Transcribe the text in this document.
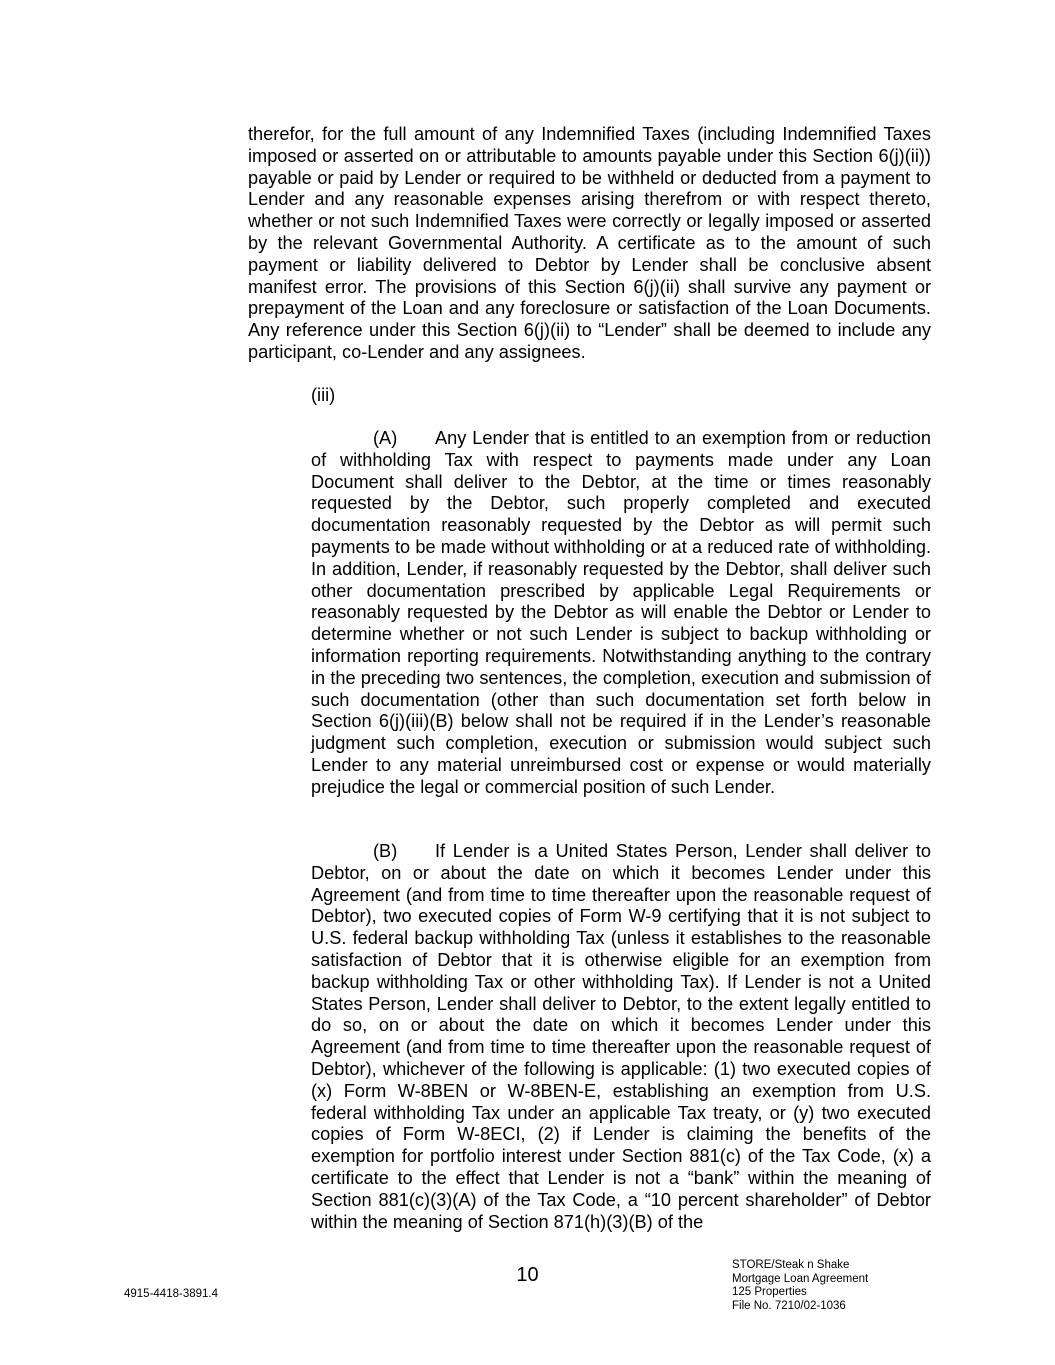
therefor, for the full amount of any Indemnified Taxes (including Indemnified Taxes imposed or asserted on or attributable to amounts payable under this Section 6(j)(ii)) payable or paid by Lender or required to be withheld or deducted from a payment to Lender and any reasonable expenses arising therefrom or with respect thereto, whether or not such Indemnified Taxes were correctly or legally imposed or asserted by the relevant Governmental Authority. A certificate as to the amount of such payment or liability delivered to Debtor by Lender shall be conclusive absent manifest error. The provisions of this Section 6(j)(ii) shall survive any payment or prepayment of the Loan and any foreclosure or satisfaction of the Loan Documents. Any reference under this Section 6(j)(ii) to “Lender” shall be deemed to include any participant, co-Lender and any assignees.

(iii)

(A) Any Lender that is entitled to an exemption from or reduction of withholding Tax with respect to payments made under any Loan Document shall deliver to the Debtor, at the time or times reasonably requested by the Debtor, such properly completed and executed documentation reasonably requested by the Debtor as will permit such payments to be made without withholding or at a reduced rate of withholding. In addition, Lender, if reasonably requested by the Debtor, shall deliver such other documentation prescribed by applicable Legal Requirements or reasonably requested by the Debtor as will enable the Debtor or Lender to determine whether or not such Lender is subject to backup withholding or information reporting requirements. Notwithstanding anything to the contrary in the preceding two sentences, the completion, execution and submission of such documentation (other than such documentation set forth below in Section 6(j)(iii)(B) below shall not be required if in the Lender’s reasonable judgment such completion, execution or submission would subject such Lender to any material unreimbursed cost or expense or would materially prejudice the legal or commercial position of such Lender.

(B) If Lender is a United States Person, Lender shall deliver to Debtor, on or about the date on which it becomes Lender under this Agreement (and from time to time thereafter upon the reasonable request of Debtor), two executed copies of Form W-9 certifying that it is not subject to U.S. federal backup withholding Tax (unless it establishes to the reasonable satisfaction of Debtor that it is otherwise eligible for an exemption from backup withholding Tax or other withholding Tax). If Lender is not a United States Person, Lender shall deliver to Debtor, to the extent legally entitled to do so, on or about the date on which it becomes Lender under this Agreement (and from time to time thereafter upon the reasonable request of Debtor), whichever of the following is applicable: (1) two executed copies of (x) Form W-8BEN or W-8BEN-E, establishing an exemption from U.S. federal withholding Tax under an applicable Tax treaty, or (y) two executed copies of Form W-8ECI, (2) if Lender is claiming the benefits of the exemption for portfolio interest under Section 881(c) of the Tax Code, (x) a certificate to the effect that Lender is not a “bank” within the meaning of Section 881(c)(3)(A) of the Tax Code, a “10 percent shareholder” of Debtor within the meaning of Section 871(h)(3)(B) of the

10
4915-4418-3891.4
STORE/Steak n Shake
Mortgage Loan Agreement
125 Properties
File No. 7210/02-1036
